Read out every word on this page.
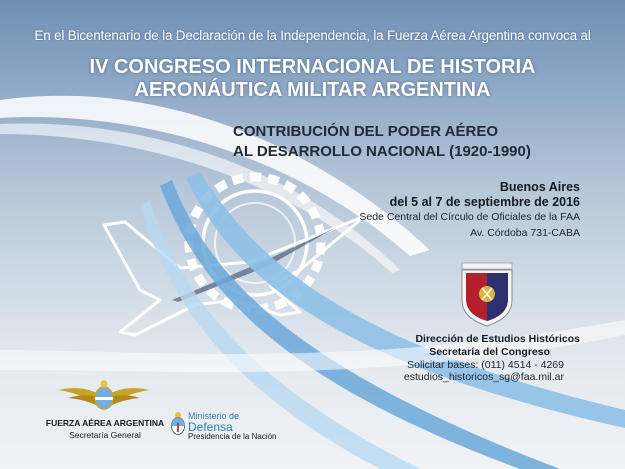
En el Bicentenario de la Declaración de la Independencia, la Fuerza Aérea Argentina convoca al

IV CONGRESO INTERNACIONAL DE HISTORIA

AERONÁUTICA MILITAR ARGENTINA

CONTRIBUCIÓN DEL PODER AÉREO

AL DESARROLLO NACIONAL (1920-1990)

Buenos Aires

del 5 al 7 de septiembre de 2016

Sede Central del Círculo de Oficiales de la FAA

Av. Córdoba 731-CABA

Dirección de Estudios Históricos

Secretaría del Congreso

Solicitar bases: (011) 4514 - 4269

estudios_historicos_sg@faa.mil.ar

FUERZA AÉREA ARGENTINA

Secretaría General

Ministerio de

Defensa

Presidencia de la Nación
